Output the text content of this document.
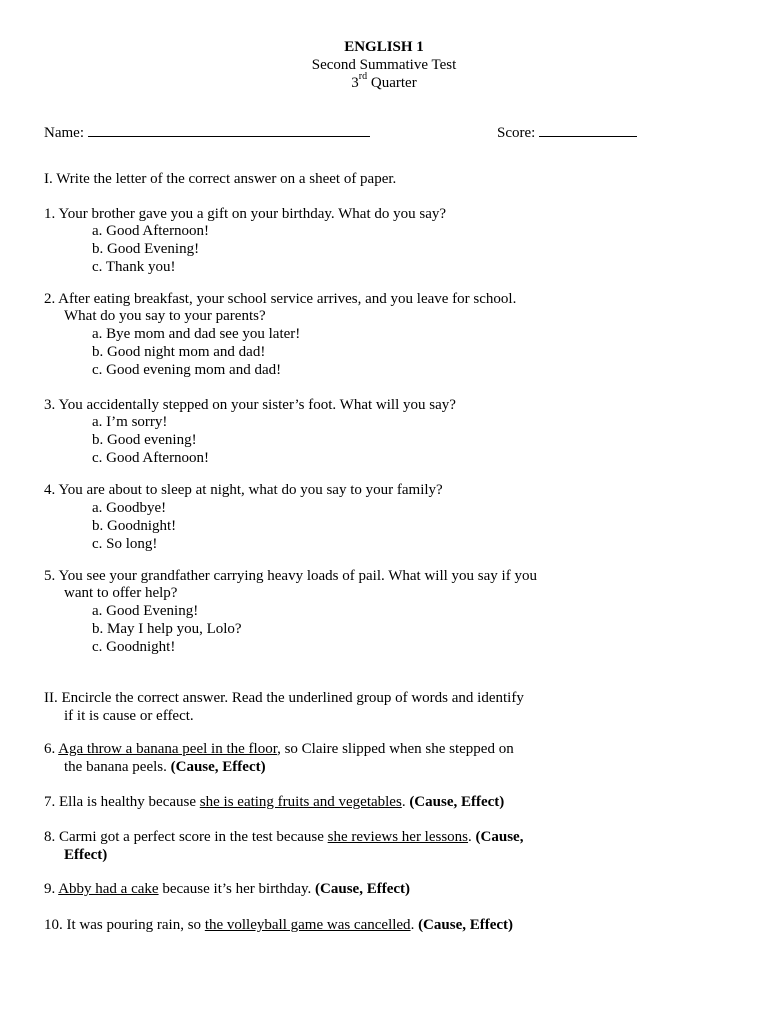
ENGLISH 1
Second Summative Test
3rd Quarter
Name:	Score:
I. Write the letter of the correct answer on a sheet of paper.
1. Your brother gave you a gift on your birthday. What do you say?
a. Good Afternoon!
b. Good Evening!
c. Thank you!
2. After eating breakfast, your school service arrives, and you leave for school.
What do you say to your parents?
a. Bye mom and dad see you later!
b. Good night mom and dad!
c. Good evening mom and dad!
3. You accidentally stepped on your sister’s foot. What will you say?
a. I’m sorry!
b. Good evening!
c. Good Afternoon!
4. You are about to sleep at night, what do you say to your family?
a. Goodbye!
b. Goodnight!
c. So long!
5. You see your grandfather carrying heavy loads of pail. What will you say if you
want to offer help?
a. Good Evening!
b. May I help you, Lolo?
c. Goodnight!
II. Encircle the correct answer. Read the underlined group of words and identify
if it is cause or effect.
6. Aga throw a banana peel in the floor, so Claire slipped when she stepped on
the banana peels. (Cause, Effect)
7. Ella is healthy because she is eating fruits and vegetables. (Cause, Effect)
8. Carmi got a perfect score in the test because she reviews her lessons. (Cause,
Effect)
9. Abby had a cake because it’s her birthday. (Cause, Effect)
10. It was pouring rain, so the volleyball game was cancelled. (Cause, Effect)
